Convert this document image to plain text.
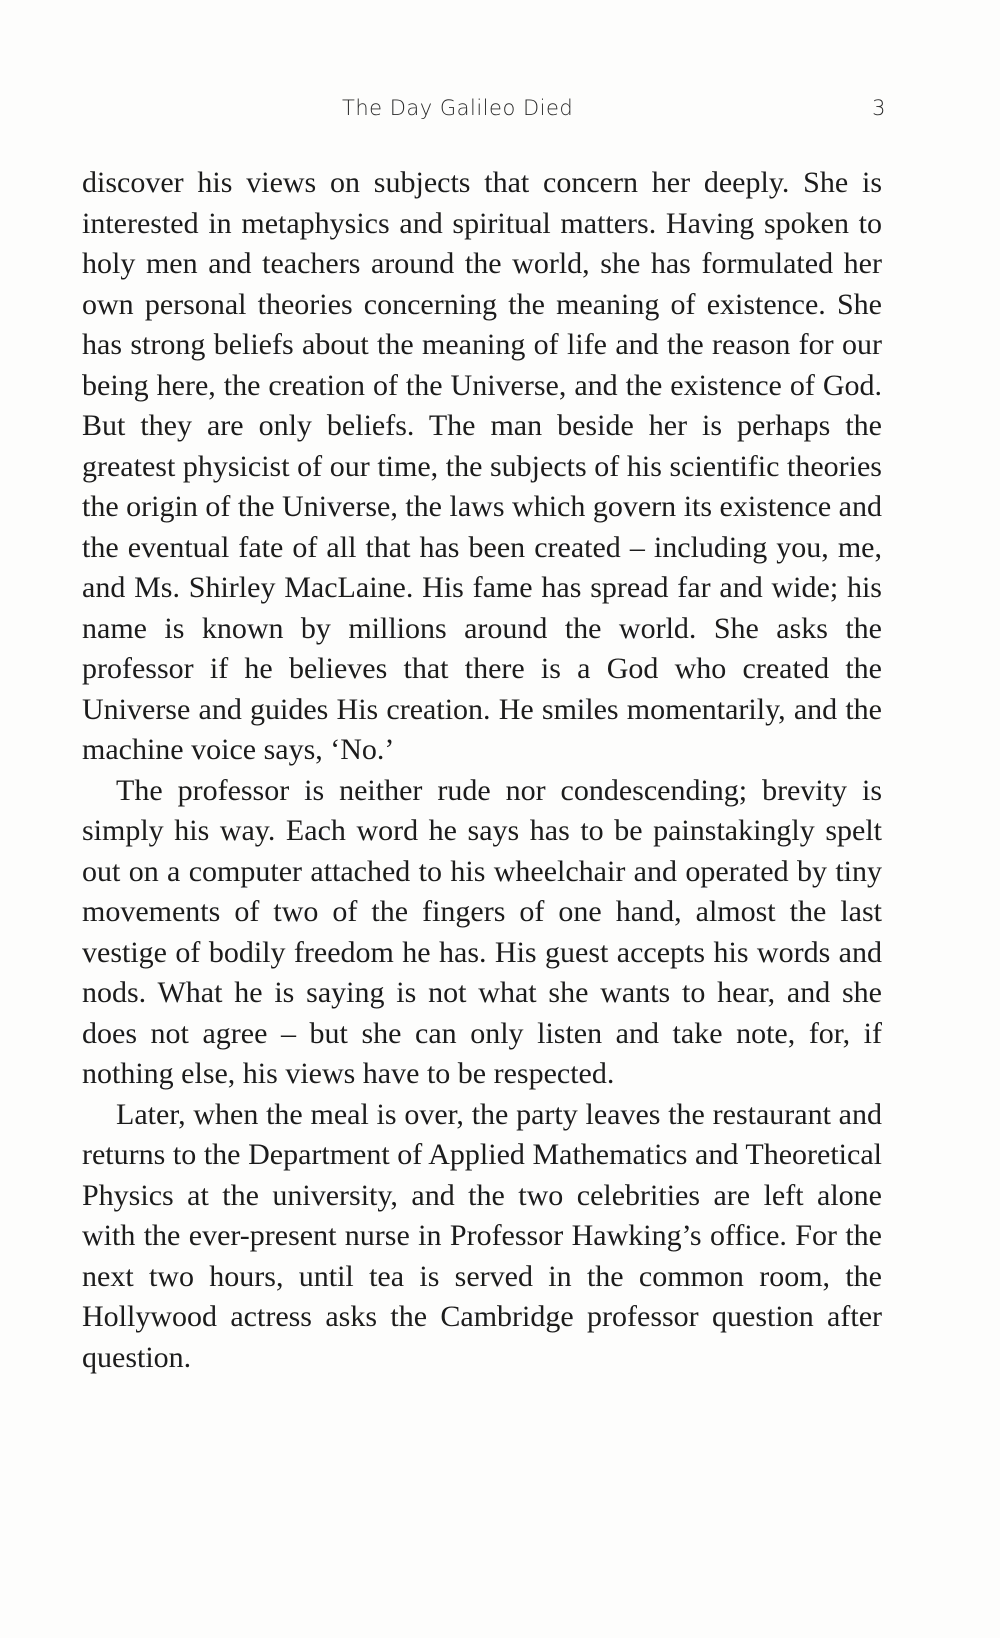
The Day Galileo Died	3

discover his views on subjects that concern her deeply. She is interested in metaphysics and spiritual matters. Having spoken to holy men and teachers around the world, she has formulated her own personal theories concerning the meaning of existence. She has strong beliefs about the meaning of life and the reason for our being here, the creation of the Universe, and the existence of God. But they are only beliefs. The man beside her is perhaps the greatest physicist of our time, the subjects of his scientific theories the origin of the Universe, the laws which govern its existence and the eventual fate of all that has been created – including you, me, and Ms. Shirley MacLaine. His fame has spread far and wide; his name is known by millions around the world. She asks the professor if he believes that there is a God who created the Universe and guides His creation. He smiles momentarily, and the machine voice says, ‘No.’

The professor is neither rude nor condescending; brevity is simply his way. Each word he says has to be painstakingly spelt out on a computer attached to his wheelchair and operated by tiny movements of two of the fingers of one hand, almost the last vestige of bodily freedom he has. His guest accepts his words and nods. What he is saying is not what she wants to hear, and she does not agree – but she can only listen and take note, for, if nothing else, his views have to be respected.

Later, when the meal is over, the party leaves the restaurant and returns to the Department of Applied Mathematics and Theoretical Physics at the university, and the two celebrities are left alone with the ever-present nurse in Professor Hawking’s office. For the next two hours, until tea is served in the common room, the Hollywood actress asks the Cambridge professor question after question.
